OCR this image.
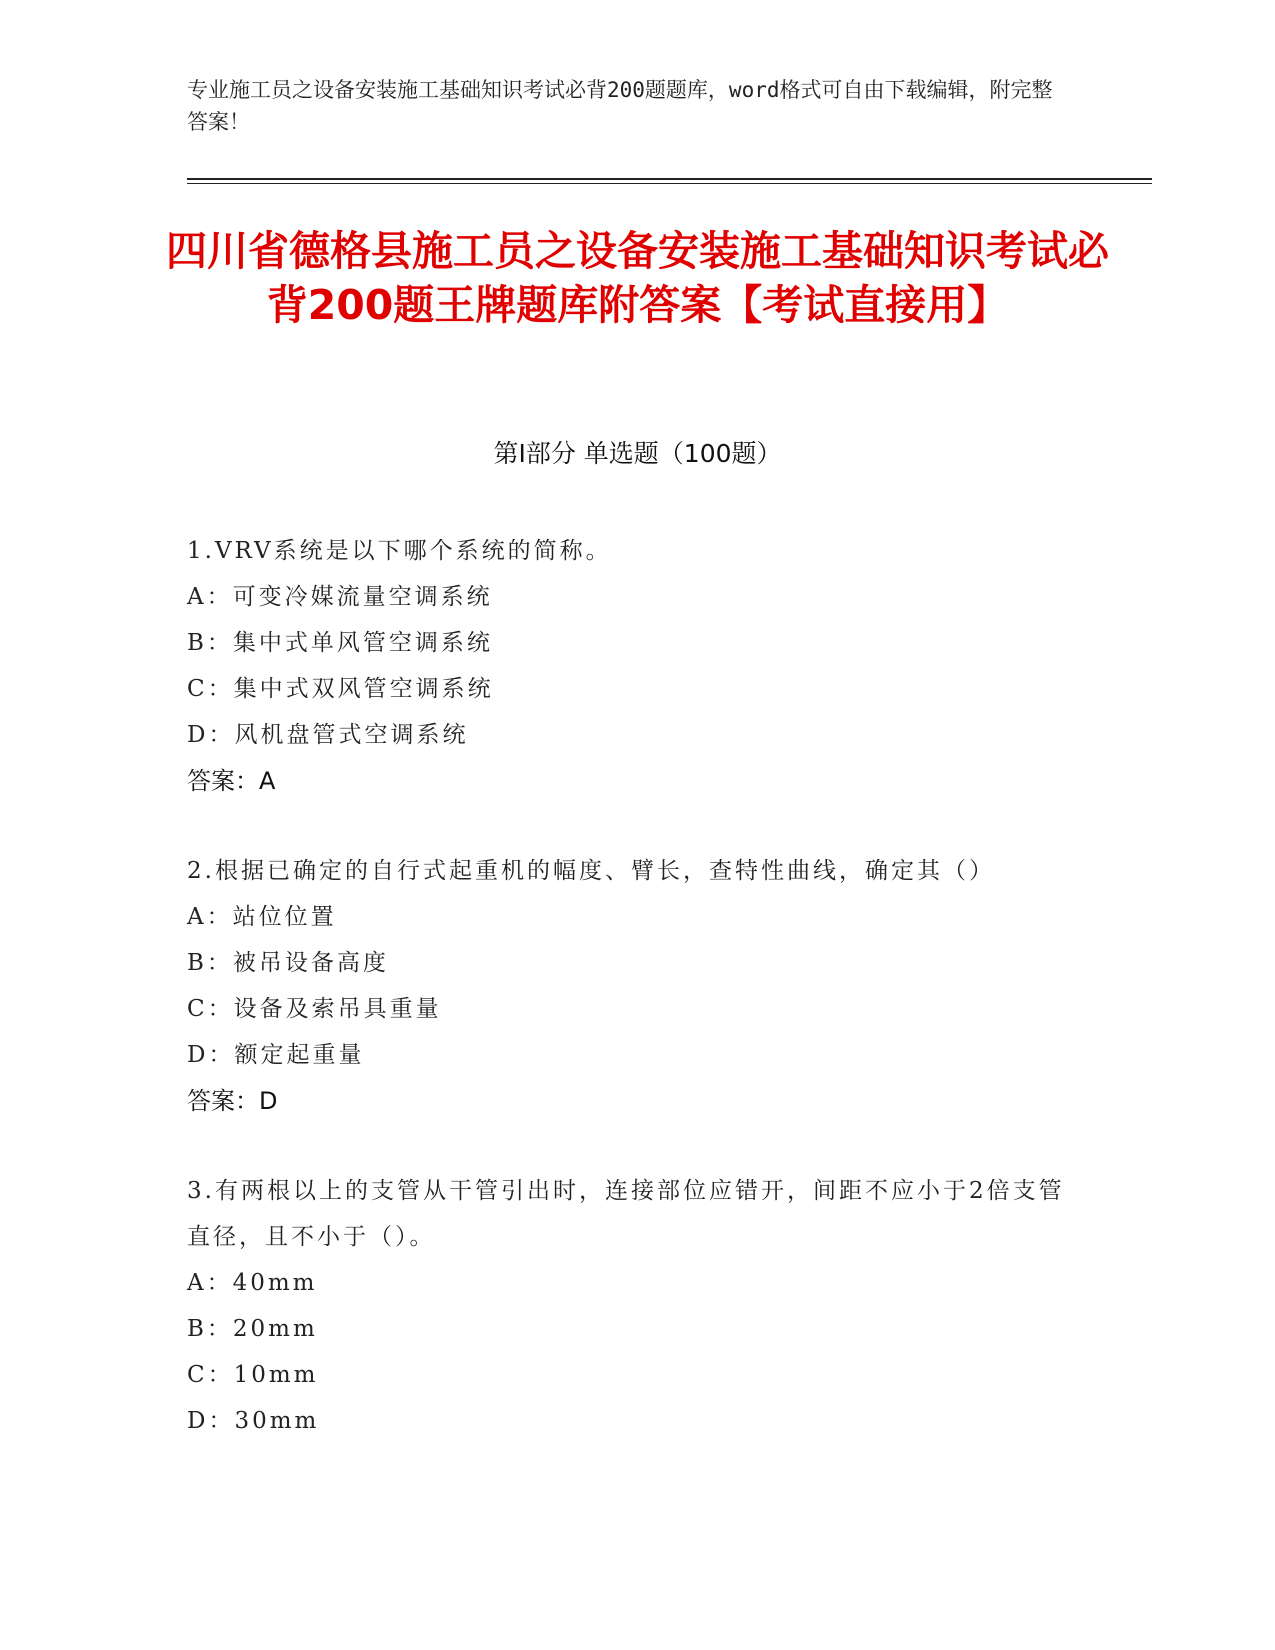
专业施工员之设备安装施工基础知识考试必背200题题库，word格式可自由下载编辑，附完整答案！
四川省德格县施工员之设备安装施工基础知识考试必背200题王牌题库附答案【考试直接用】
第Ⅰ部分 单选题（100题）
1.VRV系统是以下哪个系统的简称。
A：可变冷媒流量空调系统
B：集中式单风管空调系统
C：集中式双风管空调系统
D：风机盘管式空调系统
答案：A
2.根据已确定的自行式起重机的幅度、臂长，查特性曲线，确定其（）
A：站位位置
B：被吊设备高度
C：设备及索吊具重量
D：额定起重量
答案：D
3.有两根以上的支管从干管引出时，连接部位应错开，间距不应小于2倍支管直径，且不小于（）。
A：40mm
B：20mm
C：10mm
D：30mm
